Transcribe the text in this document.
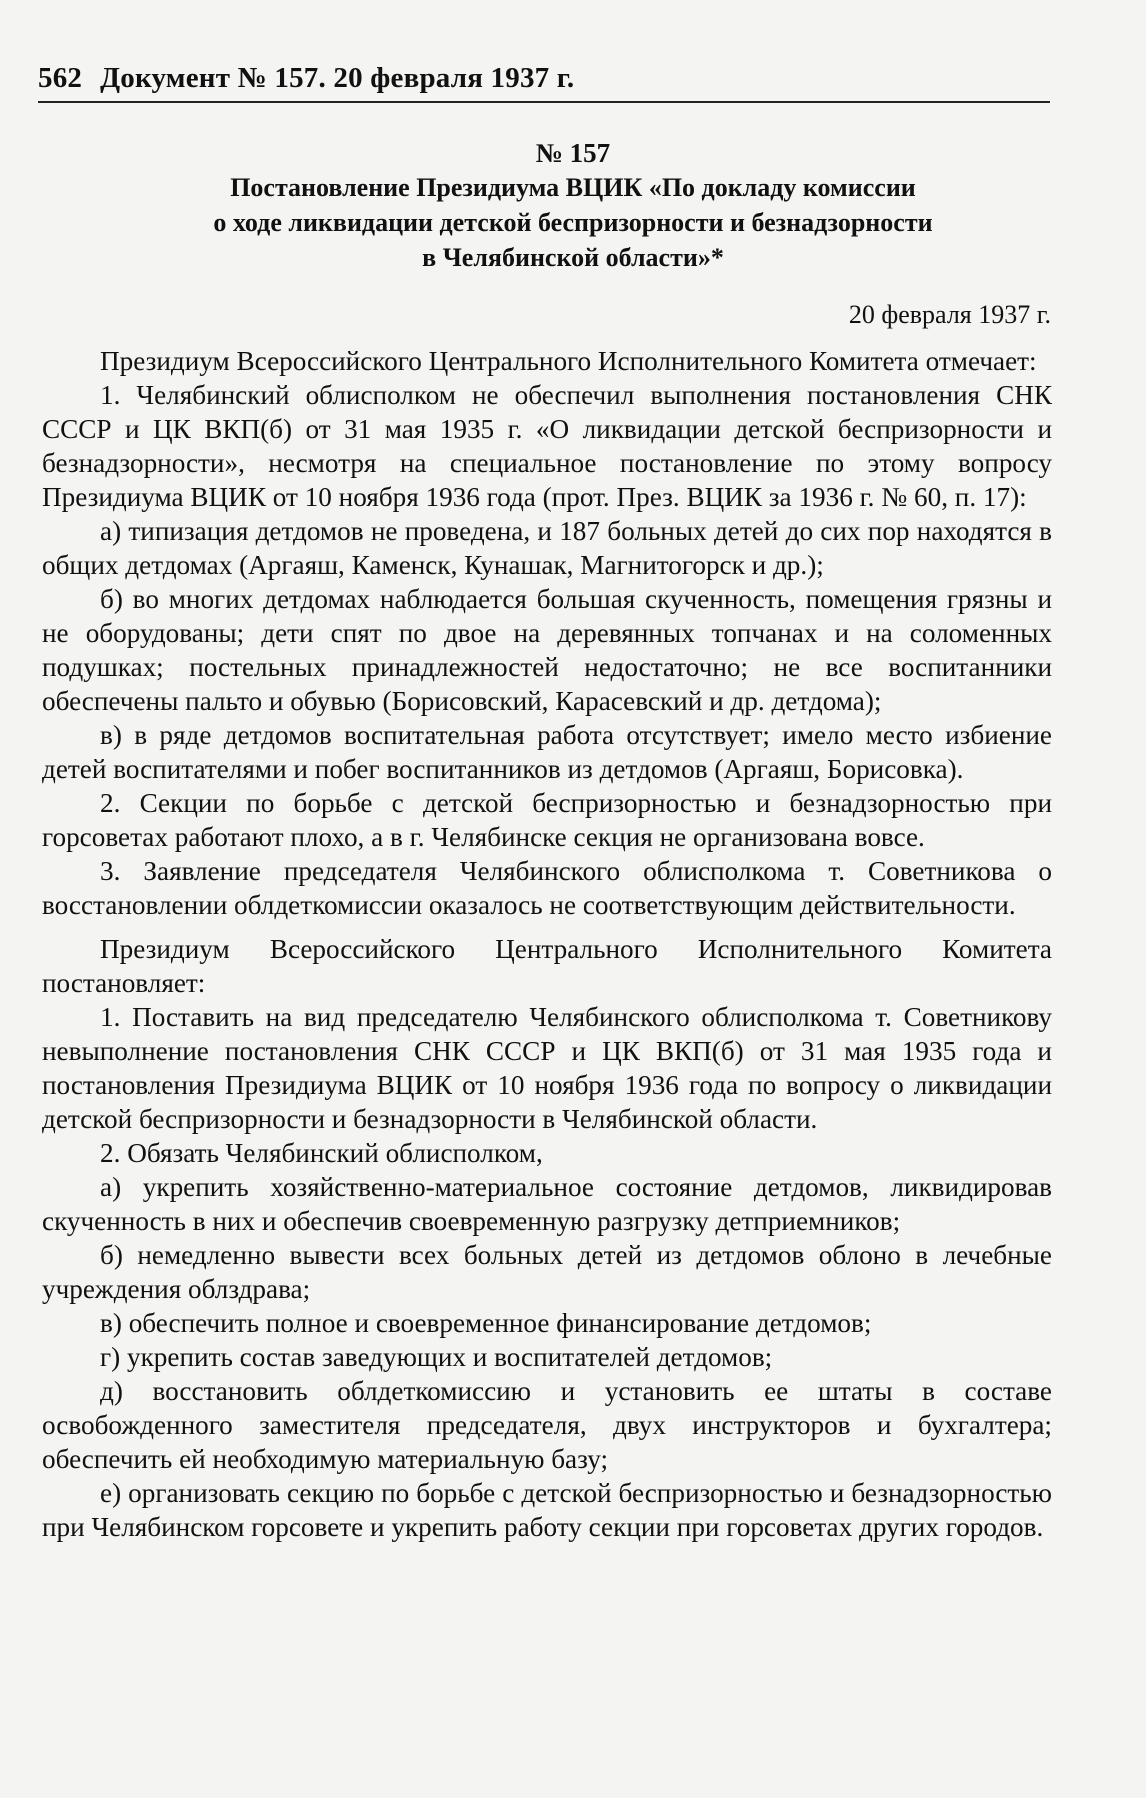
562 Документ № 157. 20 февраля 1937 г.
№ 157
Постановление Президиума ВЦИК «По докладу комиссии
о ходе ликвидации детской беспризорности и безнадзорности
в Челябинской области»*
20 февраля 1937 г.

Президиум Всероссийского Центрального Исполнительного Комитета отмечает:

1. Челябинский облисполком не обеспечил выполнения постановления СНК СССР и ЦК ВКП(б) от 31 мая 1935 г. «О ликвидации детской беспризорности и безнадзорности», несмотря на специальное постановление по этому вопросу Президиума ВЦИК от 10 ноября 1936 года (прот. През. ВЦИК за 1936 г. № 60, п. 17):

а) типизация детдомов не проведена, и 187 больных детей до сих пор находятся в общих детдомах (Аргаяш, Каменск, Кунашак, Магнитогорск и др.);

б) во многих детдомах наблюдается большая скученность, помещения грязны и не оборудованы; дети спят по двое на деревянных топчанах и на соломенных подушках; постельных принадлежностей недостаточно; не все воспитанники обеспечены пальто и обувью (Борисовский, Карасевский и др. детдома);

в) в ряде детдомов воспитательная работа отсутствует; имело место избиение детей воспитателями и побег воспитанников из детдомов (Аргаяш, Борисовка).

2. Секции по борьбе с детской беспризорностью и безнадзорностью при горсоветах работают плохо, а в г. Челябинске секция не организована вовсе.

3. Заявление председателя Челябинского облисполкома т. Советникова о восстановлении облдеткомиссии оказалось не соответствующим действительности.

Президиум Всероссийского Центрального Исполнительного Комитета постановляет:

1. Поставить на вид председателю Челябинского облисполкома т. Советникову невыполнение постановления СНК СССР и ЦК ВКП(б) от 31 мая 1935 года и постановления Президиума ВЦИК от 10 ноября 1936 года по вопросу о ликвидации детской беспризорности и безнадзорности в Челябинской области.

2. Обязать Челябинский облисполком,

а) укрепить хозяйственно-материальное состояние детдомов, ликвидировав скученность в них и обеспечив своевременную разгрузку детприемников;

б) немедленно вывести всех больных детей из детдомов облоно в лечебные учреждения облздрава;

в) обеспечить полное и своевременное финансирование детдомов;

г) укрепить состав заведующих и воспитателей детдомов;

д) восстановить облдеткомиссию и установить ее штаты в составе освобожденного заместителя председателя, двух инструкторов и бухгалтера; обеспечить ей необходимую материальную базу;

е) организовать секцию по борьбе с детской беспризорностью и безнадзорностью при Челябинском горсовете и укрепить работу секции при горсоветах других городов.
